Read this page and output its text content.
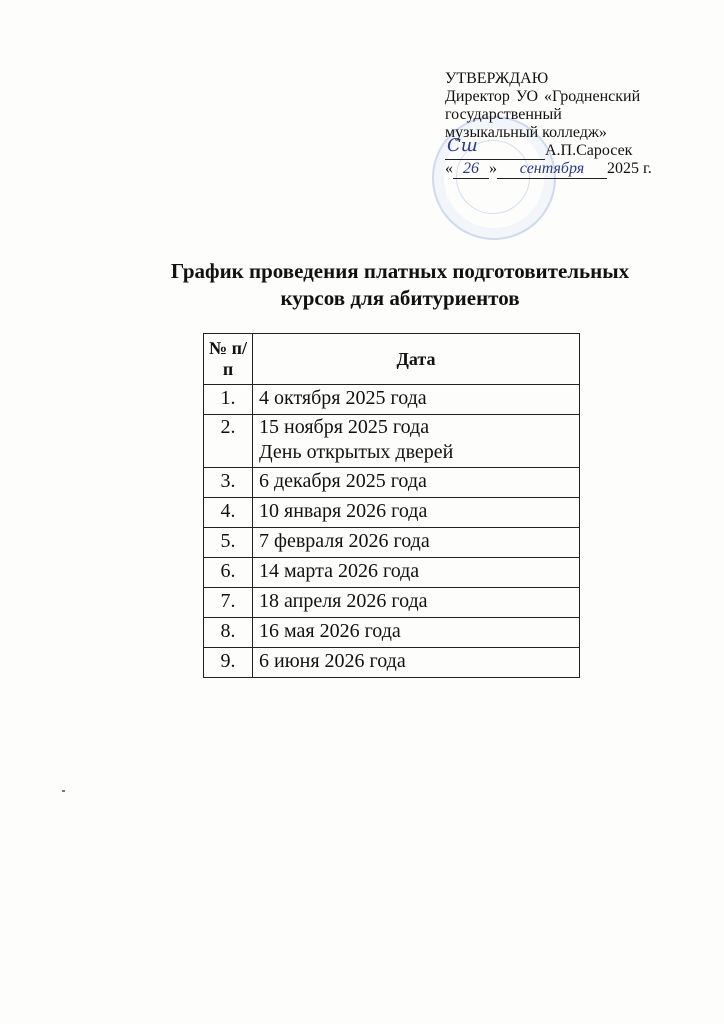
УТВЕРЖДАЮ
Директор УО «Гродненский
государственный
музыкальный колледж»
Сш	А.П.Саросек
« 26 » сентября 2025 г.
График проведения платных подготовительных
курсов для абитуриентов
№ п/п	Дата
1.	4 октября 2025 года
2.	15 ноября 2025 года
День открытых дверей

3.	6 декабря 2025 года
4.	10 января 2026 года
5.	7 февраля 2026 года
6.	14 марта 2026 года
7.	18 апреля 2026 года
8.	16 мая 2026 года
9.	6 июня 2026 года
